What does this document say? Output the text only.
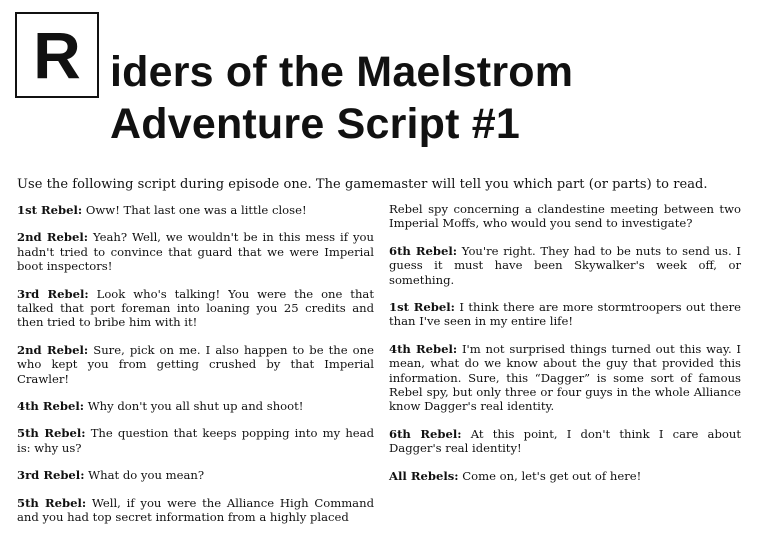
R iders of the Maelstrom
Adventure Script #1
Use the following script during episode one. The gamemaster will tell you which part (or parts) to read.

1st Rebel: Oww! That last one was a little close!

2nd Rebel: Yeah? Well, we wouldn't be in this mess if you hadn't tried to convince that guard that we were Imperial boot inspectors!

3rd Rebel: Look who's talking! You were the one that talked that port foreman into loaning you 25 credits and then tried to bribe him with it!

2nd Rebel: Sure, pick on me. I also happen to be the one who kept you from getting crushed by that Imperial Crawler!

4th Rebel: Why don't you all shut up and shoot!

5th Rebel: The question that keeps popping into my head is: why us?

3rd Rebel: What do you mean?

5th Rebel: Well, if you were the Alliance High Command and you had top secret information from a highly placed

Rebel spy concerning a clandestine meeting between two Imperial Moffs, who would you send to investigate?

6th Rebel: You're right. They had to be nuts to send us. I guess it must have been Skywalker's week off, or something.

1st Rebel: I think there are more stormtroopers out there than I've seen in my entire life!

4th Rebel: I'm not surprised things turned out this way. I mean, what do we know about the guy that provided this information. Sure, this “Dagger” is some sort of famous Rebel spy, but only three or four guys in the whole Alliance know Dagger's real identity.

6th Rebel: At this point, I don't think I care about Dagger's real identity!

All Rebels: Come on, let's get out of here!
